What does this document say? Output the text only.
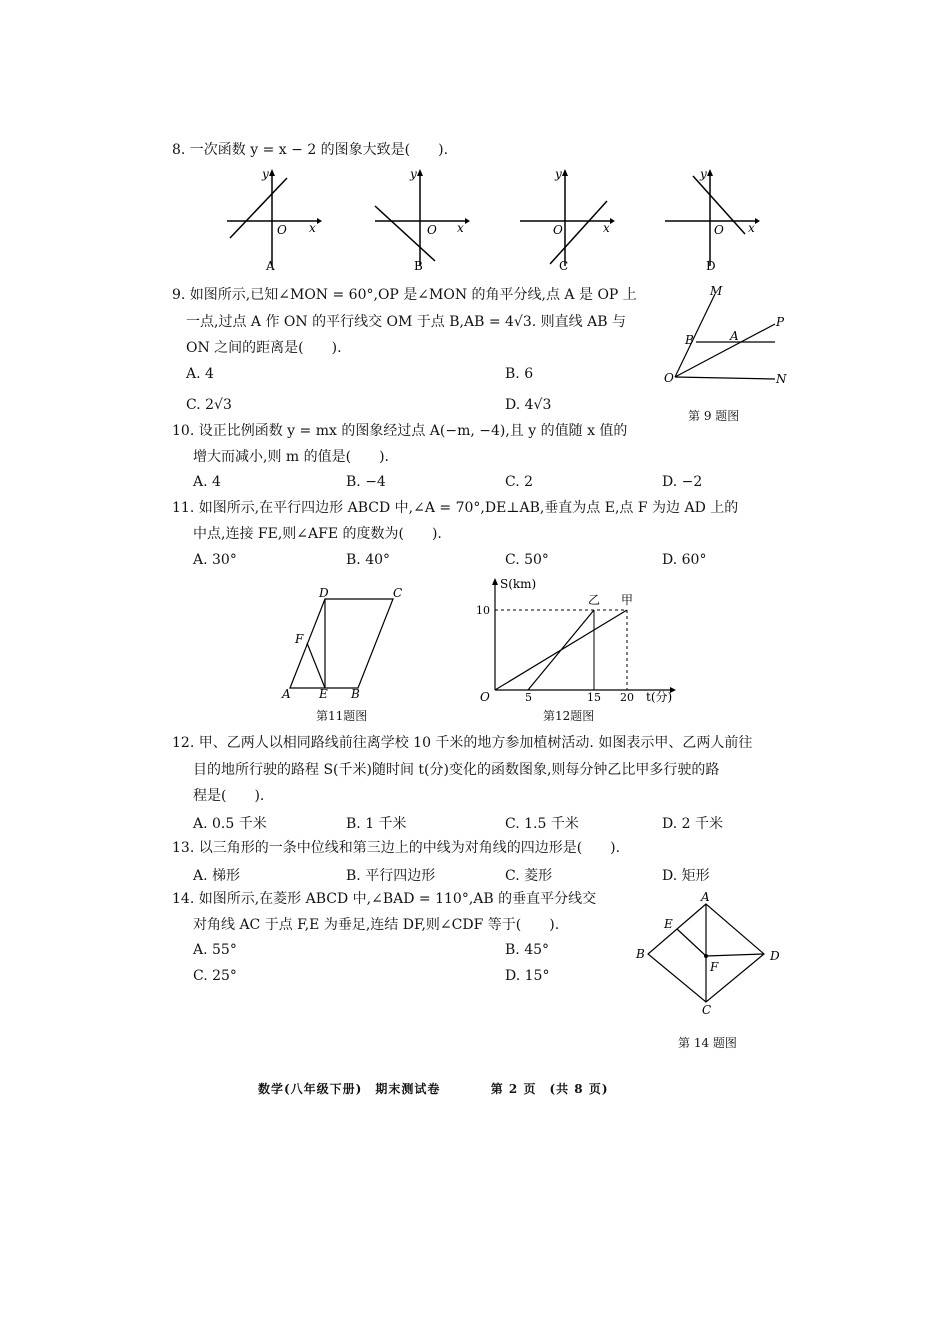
8. 一次函数 y = x − 2 的图象大致是(　　).
y
x
O
A
y
x
O
B
y
x
O
C
y
x
O
D
9. 如图所示,已知∠MON = 60°,OP 是∠MON 的角平分线,点 A 是 OP 上
一点,过点 A 作 ON 的平行线交 OM 于点 B,AB = 4√3. 则直线 AB 与
ON 之间的距离是(　　).
A. 4	B. 6
C. 2√3	D. 4√3
M
P
B	A
O	N
第 9 题图
10. 设正比例函数 y = mx 的图象经过点 A(−m, −4),且 y 的值随 x 值的
增大而减小,则 m 的值是(　　).
A. 4	B. −4	C. 2	D. −2
11. 如图所示,在平行四边形 ABCD 中,∠A = 70°,DE⊥AB,垂直为点 E,点 F 为边 AD 上的
中点,连接 FE,则∠AFE 的度数为(　　).
A. 30°	B. 40°	C. 50°	D. 60°
D	C
F
A E B
第11题图
S(km)
t(分)
O	5	15 20
10
甲
乙
第12题图
12. 甲、乙两人以相同路线前往离学校 10 千米的地方参加植树活动. 如图表示甲、乙两人前往
目的地所行驶的路程 S(千米)随时间 t(分)变化的函数图象,则每分钟乙比甲多行驶的路
程是(　　).
A. 0.5 千米	B. 1 千米	C. 1.5 千米	D. 2 千米
13. 以三角形的一条中位线和第三边上的中线为对角线的四边形是(　　).
A. 梯形	B. 平行四边形	C. 菱形	D. 矩形
14. 如图所示,在菱形 ABCD 中,∠BAD = 110°,AB 的垂直平分线交
对角线 AC 于点 F,E 为垂足,连结 DF,则∠CDF 等于(　　).
A. 55°	B. 45°
C. 25°	D. 15°
A
E
B
F
D
C
第 14 题图
数学(八年级下册)　期末测试卷	第 2 页　(共 8 页)
